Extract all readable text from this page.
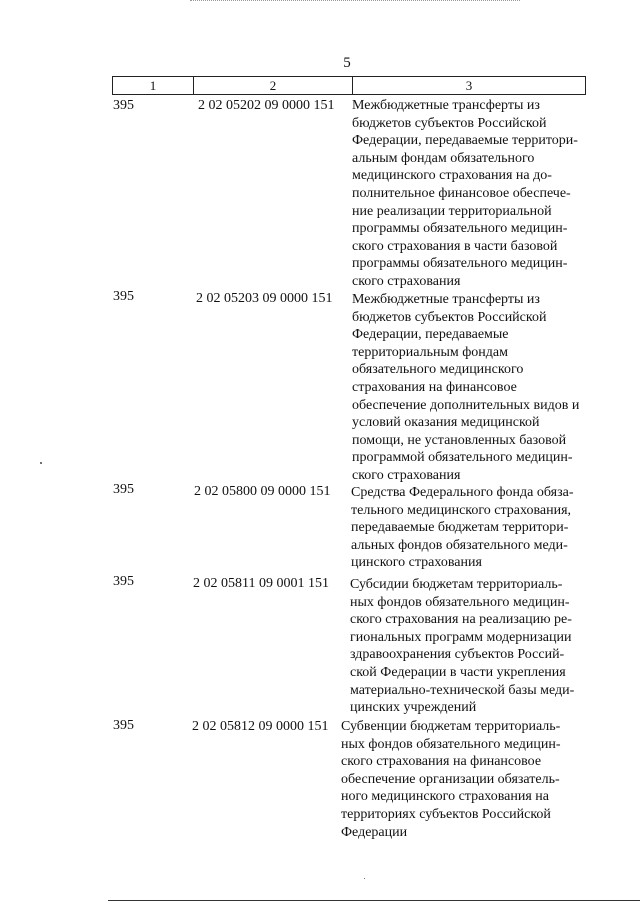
5
1	2	3
395	2 02 05202 09 0000 151 Межбюджетные трансферты из
бюджетов субъектов Российской
Федерации, передаваемые территори-
альным фондам обязательного
медицинского страхования на до-
полнительное финансовое обеспече-
ние реализации территориальной
программы обязательного медицин-
ского страхования в части базовой
программы обязательного медицин-
ского страхования
395	2 02 05203 09 0000 151 Межбюджетные трансферты из
бюджетов субъектов Российской
Федерации, передаваемые
территориальным фондам
обязательного медицинского
страхования на финансовое
обеспечение дополнительных видов и
условий оказания медицинской
помощи, не установленных базовой
программой обязательного медицин-
ского страхования
395	2 02 05800 09 0000 151 Средства Федерального фонда обяза-
тельного медицинского страхования,
передаваемые бюджетам территори-
альных фондов обязательного меди-
цинского страхования
395	2 02 05811 09 0001 151 Субсидии бюджетам территориаль-
ных фондов обязательного медицин-
ского страхования на реализацию ре-
гиональных программ модернизации
здравоохранения субъектов Россий-
ской Федерации в части укрепления
материально-технической базы меди-
цинских учреждений
395	2 02 05812 09 0000 151 Субвенции бюджетам территориаль-
ных фондов обязательного медицин-
ского страхования на финансовое
обеспечение организации обязатель-
ного медицинского страхования на
территориях субъектов Российской
Федерации
